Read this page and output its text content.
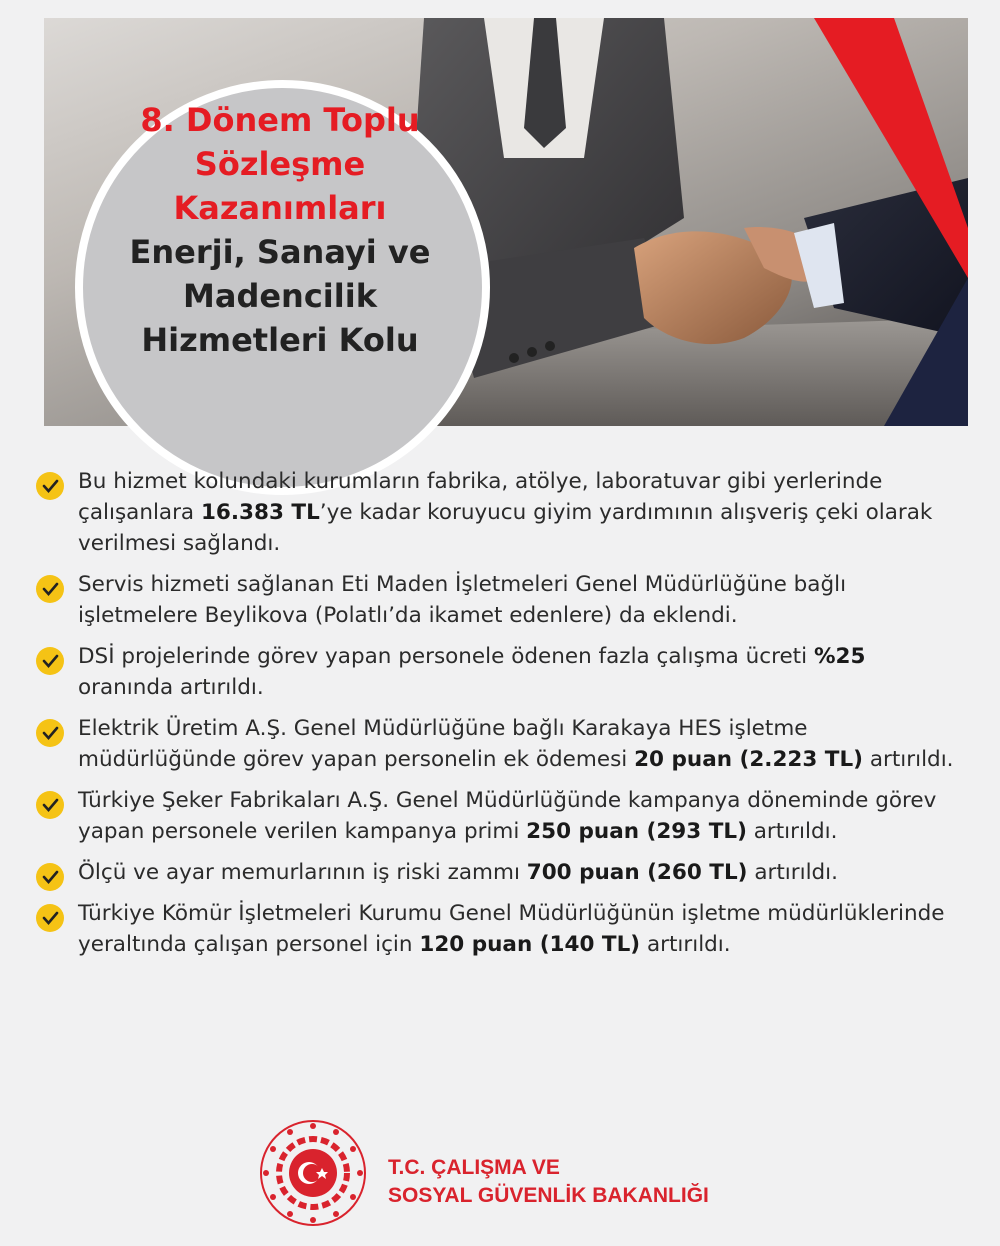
8. Dönem Toplu
Sözleşme
Kazanımları
Enerji, Sanayi ve
Madencilik
Hizmetleri Kolu
Bu hizmet kolundaki kurumların fabrika, atölye, laboratuvar gibi yerlerinde çalışanlara 16.383 TL’ye kadar koruyucu giyim yardımının alışveriş çeki olarak verilmesi sağlandı.
Servis hizmeti sağlanan Eti Maden İşletmeleri Genel Müdürlüğüne bağlı işletmelere Beylikova (Polatlı’da ikamet edenlere) da eklendi.
DSİ projelerinde görev yapan personele ödenen fazla çalışma ücreti %25 oranında artırıldı.
Elektrik Üretim A.Ş. Genel Müdürlüğüne bağlı Karakaya HES işletme müdürlüğünde görev yapan personelin ek ödemesi 20 puan (2.223 TL) artırıldı.
Türkiye Şeker Fabrikaları A.Ş. Genel Müdürlüğünde kampanya döneminde görev yapan personele verilen kampanya primi 250 puan (293 TL) artırıldı.
Ölçü ve ayar memurlarının iş riski zammı 700 puan (260 TL) artırıldı.
Türkiye Kömür İşletmeleri Kurumu Genel Müdürlüğünün işletme müdürlüklerinde yeraltında çalışan personel için 120 puan (140 TL) artırıldı.
T.C. ÇALIŞMA VE
SOSYAL GÜVENLİK BAKANLIĞI
